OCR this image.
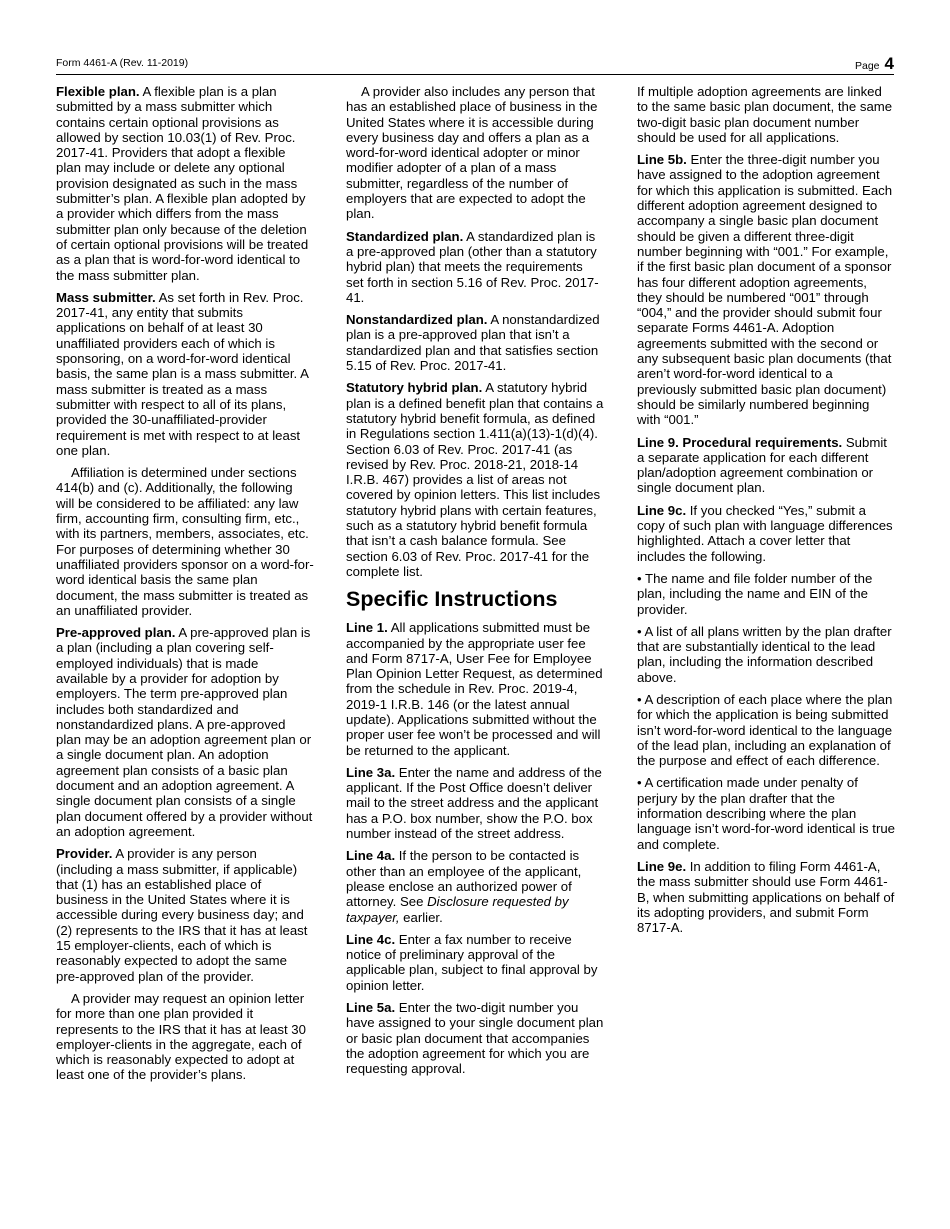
Form 4461-A (Rev. 11-2019)	Page 4

Flexible plan. A flexible plan is a plan submitted by a mass submitter which contains certain optional provisions as allowed by section 10.03(1) of Rev. Proc. 2017-41. Providers that adopt a flexible plan may include or delete any optional provision designated as such in the mass submitter’s plan. A flexible plan adopted by a provider which differs from the mass submitter plan only because of the deletion of certain optional provisions will be treated as a plan that is word-for-word identical to the mass submitter plan.

Mass submitter. As set forth in Rev. Proc. 2017-41, any entity that submits applications on behalf of at least 30 unaffiliated providers each of which is sponsoring, on a word-for-word identical basis, the same plan is a mass submitter. A mass submitter is treated as a mass submitter with respect to all of its plans, provided the 30-unaffiliated-provider requirement is met with respect to at least one plan.

Affiliation is determined under sections 414(b) and (c). Additionally, the following will be considered to be affiliated: any law firm, accounting firm, consulting firm, etc., with its partners, members, associates, etc. For purposes of determining whether 30 unaffiliated providers sponsor on a word-for-word identical basis the same plan document, the mass submitter is treated as an unaffiliated provider.

Pre-approved plan. A pre-approved plan is a plan (including a plan covering self-employed individuals) that is made available by a provider for adoption by employers. The term pre-approved plan includes both standardized and nonstandardized plans. A pre-approved plan may be an adoption agreement plan or a single document plan. An adoption agreement plan consists of a basic plan document and an adoption agreement. A single document plan consists of a single plan document offered by a provider without an adoption agreement.

Provider. A provider is any person (including a mass submitter, if applicable) that (1) has an established place of business in the United States where it is accessible during every business day; and (2) represents to the IRS that it has at least 15 employer-clients, each of which is reasonably expected to adopt the same pre-approved plan of the provider.

A provider may request an opinion letter for more than one plan provided it represents to the IRS that it has at least 30 employer-clients in the aggregate, each of which is reasonably expected to adopt at least one of the provider’s plans.

A provider also includes any person that has an established place of business in the United States where it is accessible during every business day and offers a plan as a word-for-word identical adopter or minor modifier adopter of a plan of a mass submitter, regardless of the number of employers that are expected to adopt the plan.

Standardized plan. A standardized plan is a pre-approved plan (other than a statutory hybrid plan) that meets the requirements set forth in section 5.16 of Rev. Proc. 2017-41.

Nonstandardized plan. A nonstandardized plan is a pre-approved plan that isn’t a standardized plan and that satisfies section 5.15 of Rev. Proc. 2017-41.

Statutory hybrid plan. A statutory hybrid plan is a defined benefit plan that contains a statutory hybrid benefit formula, as defined in Regulations section 1.411(a)(13)-1(d)(4). Section 6.03 of Rev. Proc. 2017-41 (as revised by Rev. Proc. 2018-21, 2018-14 I.R.B. 467) provides a list of areas not covered by opinion letters. This list includes statutory hybrid plans with certain features, such as a statutory hybrid benefit formula that isn’t a cash balance formula. See section 6.03 of Rev. Proc. 2017-41 for the complete list.

Specific Instructions

Line 1. All applications submitted must be accompanied by the appropriate user fee and Form 8717-A, User Fee for Employee Plan Opinion Letter Request, as determined from the schedule in Rev. Proc. 2019-4, 2019-1 I.R.B. 146 (or the latest annual update). Applications submitted without the proper user fee won’t be processed and will be returned to the applicant.

Line 3a. Enter the name and address of the applicant. If the Post Office doesn’t deliver mail to the street address and the applicant has a P.O. box number, show the P.O. box number instead of the street address.

Line 4a. If the person to be contacted is other than an employee of the applicant, please enclose an authorized power of attorney. See Disclosure requested by taxpayer, earlier.

Line 4c. Enter a fax number to receive notice of preliminary approval of the applicable plan, subject to final approval by opinion letter.

Line 5a. Enter the two-digit number you have assigned to your single document plan or basic plan document that accompanies the adoption agreement for which you are requesting approval.

If multiple adoption agreements are linked to the same basic plan document, the same two-digit basic plan document number should be used for all applications.

Line 5b. Enter the three-digit number you have assigned to the adoption agreement for which this application is submitted. Each different adoption agreement designed to accompany a single basic plan document should be given a different three-digit number beginning with “001.” For example, if the first basic plan document of a sponsor has four different adoption agreements, they should be numbered “001” through “004,” and the provider should submit four separate Forms 4461-A. Adoption agreements submitted with the second or any subsequent basic plan documents (that aren’t word-for-word identical to a previously submitted basic plan document) should be similarly numbered beginning with “001.”

Line 9. Procedural requirements. Submit a separate application for each different plan/adoption agreement combination or single document plan.

Line 9c. If you checked “Yes,” submit a copy of such plan with language differences highlighted. Attach a cover letter that includes the following.

• The name and file folder number of the plan, including the name and EIN of the provider.

• A list of all plans written by the plan drafter that are substantially identical to the lead plan, including the information described above.

• A description of each place where the plan for which the application is being submitted isn’t word-for-word identical to the language of the lead plan, including an explanation of the purpose and effect of each difference.

• A certification made under penalty of perjury by the plan drafter that the information describing where the plan language isn’t word-for-word identical is true and complete.

Line 9e. In addition to filing Form 4461-A, the mass submitter should use Form 4461-B, when submitting applications on behalf of its adopting providers, and submit Form 8717-A.
